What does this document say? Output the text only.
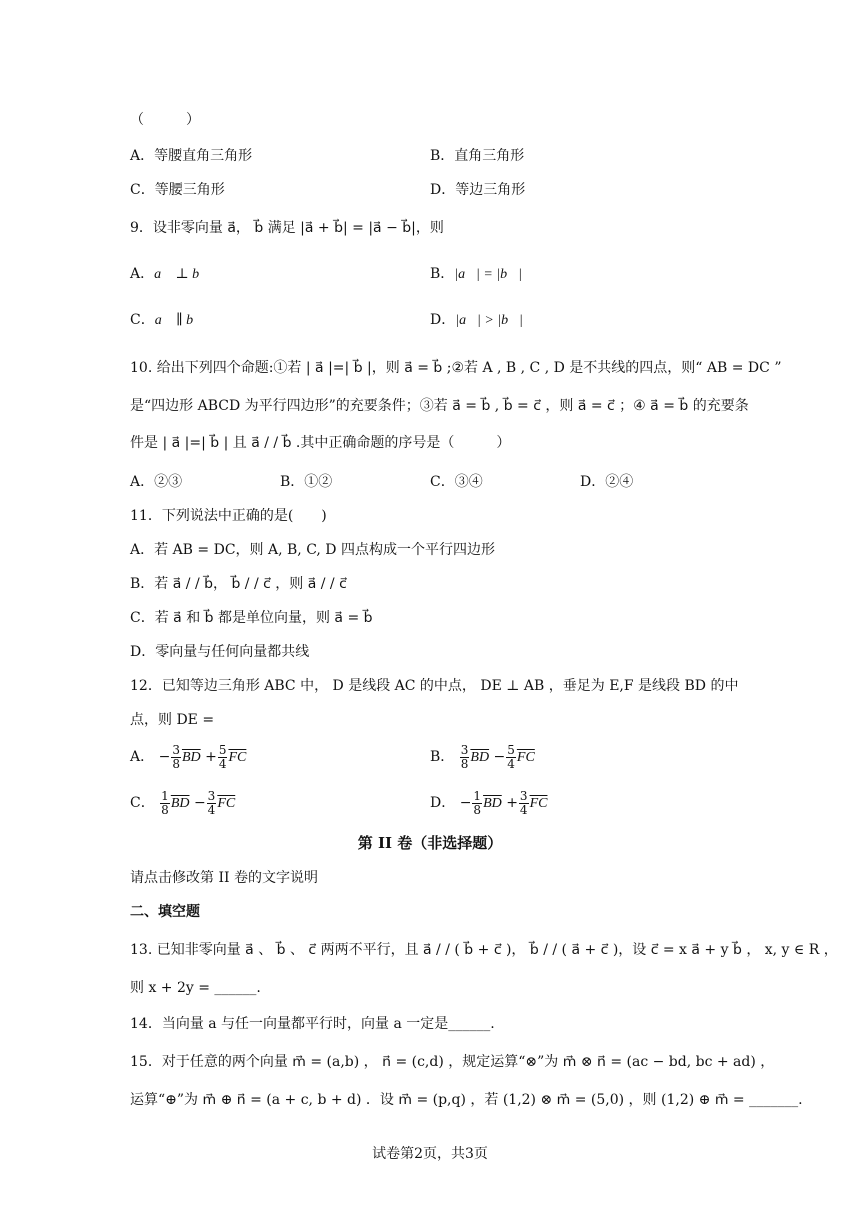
（　　　）
A．等腰直角三角形	B．直角三角形
C．等腰三角形	D．等边三角形
9．设非零向量 a⃗， b⃗ 满足 |a⃗ + b⃗| = |a⃗ − b⃗|，则
A．a⃗ ⊥ b⃗	B．|a⃗| = |b⃗|
C．a⃗ ∥ b⃗	D．|a⃗| > |b⃗|
10. 给出下列四个命题:①若 | a⃗ |=| b⃗ |，则 a⃗ = b⃗ ;②若 A , B , C , D 是不共线的四点，则“ AB = DC ”
是“四边形 ABCD 为平行四边形”的充要条件；③若 a⃗ = b⃗ , b⃗ = c⃗ ，则 a⃗ = c⃗ ；④ a⃗ = b⃗ 的充要条
件是 | a⃗ |=| b⃗ | 且 a⃗ / / b⃗ .其中正确命题的序号是（　　　）
A．②③	B．①②	C．③④	D．②④
11．下列说法中正确的是(　　)
A．若 AB = DC，则 A, B, C, D 四点构成一个平行四边形
B．若 a⃗ / / b⃗， b⃗ / / c⃗ ，则 a⃗ / / c⃗
C．若 a⃗ 和 b⃗ 都是单位向量，则 a⃗ = b⃗
D．零向量与任何向量都共线
12．已知等边三角形 ABC 中， D 是线段 AC 的中点， DE ⊥ AB ，垂足为 E,F 是线段 BD 的中
点，则 DE =
A． − $\frac{3}{8} \overline{BD} + \frac{5}{4} \overline{FC}$	B． $\frac{3}{8} \overline{BD} - \frac{5}{4} \overline{FC}$
C． $\frac{1}{8} \overline{BD} - \frac{3}{4} \overline{FC}$	D． − $\frac{1}{8} \overline{BD} + \frac{3}{4} \overline{FC}$
第 II 卷（非选择题）
请点击修改第 II 卷的文字说明
二、填空题
13. 已知非零向量 a⃗ 、 b⃗ 、 c⃗ 两两不平行，且 a⃗ / / ( b⃗ + c⃗ )， b⃗ / / ( a⃗ + c⃗ )，设 c⃗ = x a⃗ + y b⃗ ， x, y ∈ R ，
则 x + 2y = ______.
14．当向量 a 与任一向量都平行时，向量 a 一定是______.
15．对于任意的两个向量 m⃗ = (a,b) ， n⃗ = (c,d) ，规定运算“⊗”为 m⃗ ⊗ n⃗ = (ac − bd, bc + ad) ，
运算“⊕”为 m⃗ ⊕ n⃗ = (a + c, b + d) ．设 m⃗ = (p,q) ，若 (1,2) ⊗ m⃗ = (5,0) ，则 (1,2) ⊕ m⃗ = _______.
试卷第2页，共3页
